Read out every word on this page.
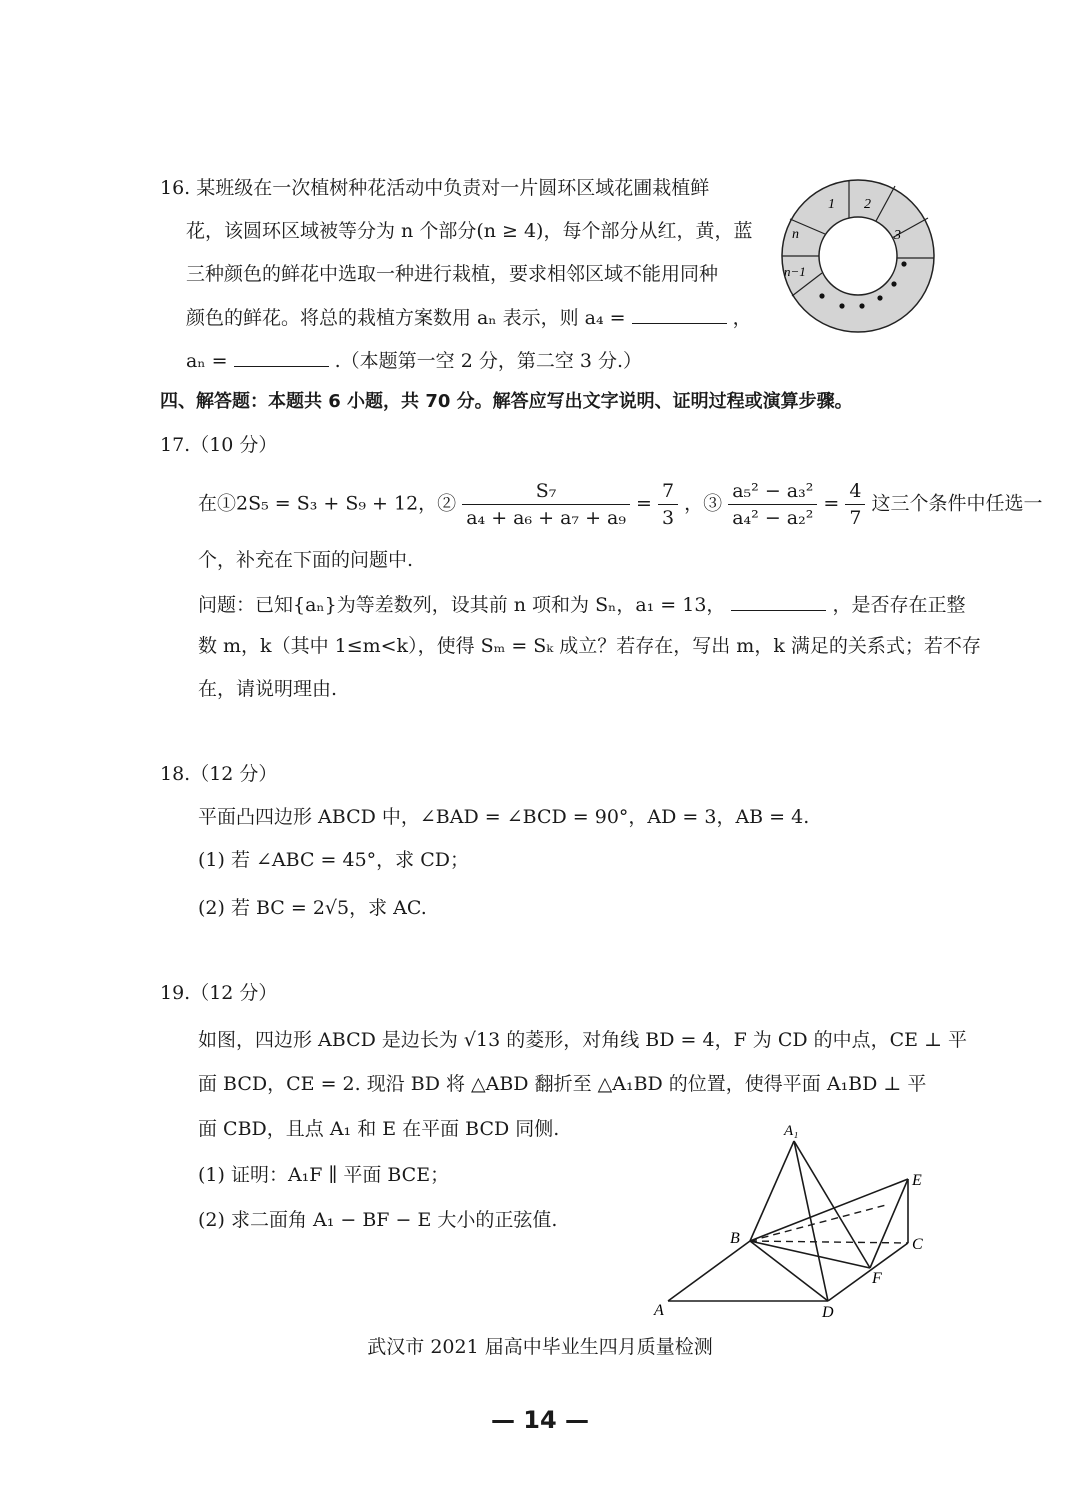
16. 某班级在一次植树种花活动中负责对一片圆环区域花圃栽植鲜
花，该圆环区域被等分为 n 个部分(n ≥ 4)，每个部分从红，黄，蓝
三种颜色的鲜花中选取一种进行栽植，要求相邻区域不能用同种
颜色的鲜花。将总的栽植方案数用 aₙ 表示，则 a₄ =	，
aₙ =	.（本题第一空 2 分，第二空 3 分.）
1 2
3
n
n−1
四、解答题：本题共 6 小题，共 70 分。解答应写出文字说明、证明过程或演算步骤。
17.（10 分）
在①2S₅ = S₃ + S₉ + 12，② $\frac{\text{S₇}}{\text{a₄ + a₆ + a₇ + a₉}} = \frac{7}{3}$ ，③ $\frac{\text{a₅² − a₃²}}{\text{a₄² − a₂²}} = \frac{4}{7}$ 这三个条件中任选一
个，补充在下面的问题中.
问题：已知{aₙ}为等差数列，设其前 n 项和为 Sₙ，a₁ = 13，	，是否存在正整
数 m，k（其中 1≤m<k），使得 Sₘ = Sₖ 成立？若存在，写出 m，k 满足的关系式；若不存
在，请说明理由.
18.（12 分）
平面凸四边形 ABCD 中，∠BAD = ∠BCD = 90°，AD = 3，AB = 4.
(1) 若 ∠ABC = 45°，求 CD；
(2) 若 BC = 2√5，求 AC.
19.（12 分）
如图，四边形 ABCD 是边长为 √13 的菱形，对角线 BD = 4，F 为 CD 的中点，CE ⊥ 平
面 BCD，CE = 2. 现沿 BD 将 △ABD 翻折至 △A₁BD 的位置，使得平面 A₁BD ⊥ 平
面 CBD，且点 A₁ 和 E 在平面 BCD 同侧.
(1) 证明：A₁F ∥ 平面 BCE；
(2) 求二面角 A₁ − BF − E 大小的正弦值.
A₁
E
B	C
F
A	D
武汉市 2021 届高中毕业生四月质量检测
— 14 —
